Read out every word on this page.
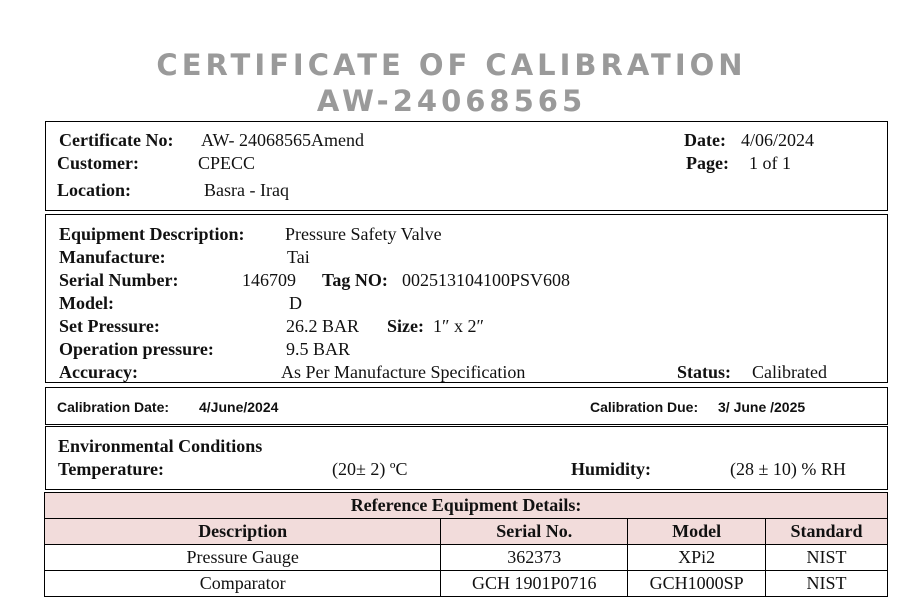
CERTIFICATE OF CALIBRATION
AW-24068565
Certificate No: AW- 24068565Amend	Date: 4/06/2024
Customer:	CPECC	Page: 1 of 1
Location:	Basra - Iraq
Equipment Description: Pressure Safety Valve
Manufacture:	Tai
Serial Number:	146709 Tag NO: 002513104100PSV608
Model:	D
Set Pressure:	26.2 BAR Size: 1″ x 2″
Operation pressure:	9.5 BAR
Accuracy:	As Per Manufacture Specification	Status: Calibrated
Calibration Date: 4/June/2024	Calibration Due: 3/ June /2025
Environmental Conditions
Temperature:	(20± 2) ºC	Humidity:	(28 ± 10) % RH
Reference Equipment Details:			
Description	Serial No.	Model	Standard
Pressure Gauge	362373	XPi2	NIST
Comparator	GCH 1901P0716	GCH1000SP	NIST
